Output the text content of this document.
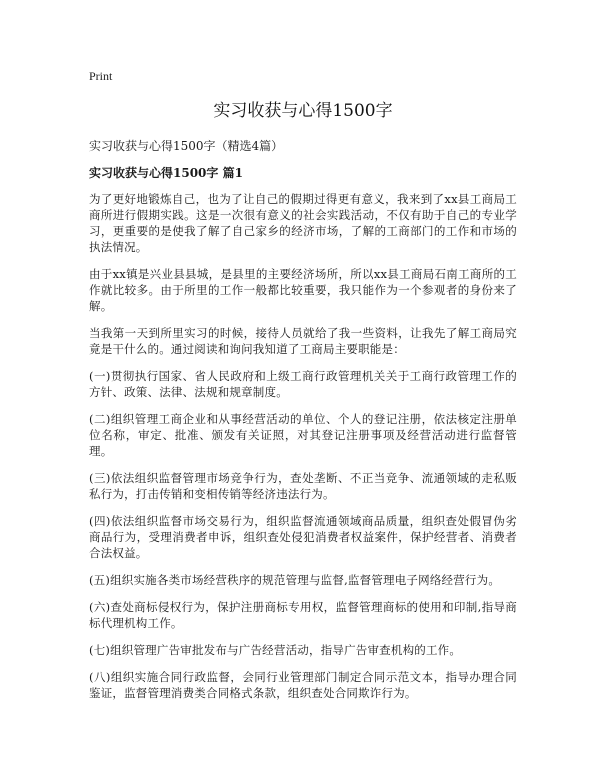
Print
实习收获与心得1500字
实习收获与心得1500字（精选4篇）
实习收获与心得1500字 篇1

为了更好地锻炼自己，也为了让自己的假期过得更有意义，我来到了xx县工商局工商所进行假期实践。这是一次很有意义的社会实践活动，不仅有助于自己的专业学习，更重要的是使我了解了自己家乡的经济市场，了解的工商部门的工作和市场的执法情况。

由于xx镇是兴业县县城，是县里的主要经济场所，所以xx县工商局石南工商所的工作就比较多。由于所里的工作一般都比较重要，我只能作为一个参观者的身份来了解。

当我第一天到所里实习的时候，接待人员就给了我一些资料，让我先了解工商局究竟是干什么的。通过阅读和询问我知道了工商局主要职能是：

(一)贯彻执行国家、省人民政府和上级工商行政管理机关关于工商行政管理工作的方针、政策、法律、法规和规章制度。

(二)组织管理工商企业和从事经营活动的单位、个人的登记注册，依法核定注册单位名称，审定、批准、颁发有关证照，对其登记注册事项及经营活动进行监督管理。

(三)依法组织监督管理市场竞争行为，查处垄断、不正当竞争、流通领域的走私贩私行为，打击传销和变相传销等经济违法行为。

(四)依法组织监督市场交易行为，组织监督流通领域商品质量，组织查处假冒伪劣商品行为，受理消费者申诉，组织查处侵犯消费者权益案件，保护经营者、消费者合法权益。

(五)组织实施各类市场经营秩序的规范管理与监督,监督管理电子网络经营行为。

(六)查处商标侵权行为，保护注册商标专用权，监督管理商标的使用和印制,指导商标代理机构工作。

(七)组织管理广告审批发布与广告经营活动，指导广告审查机构的工作。

(八)组织实施合同行政监督，会同行业管理部门制定合同示范文本，指导办理合同鉴证，监督管理消费类合同格式条款，组织查处合同欺诈行为。
